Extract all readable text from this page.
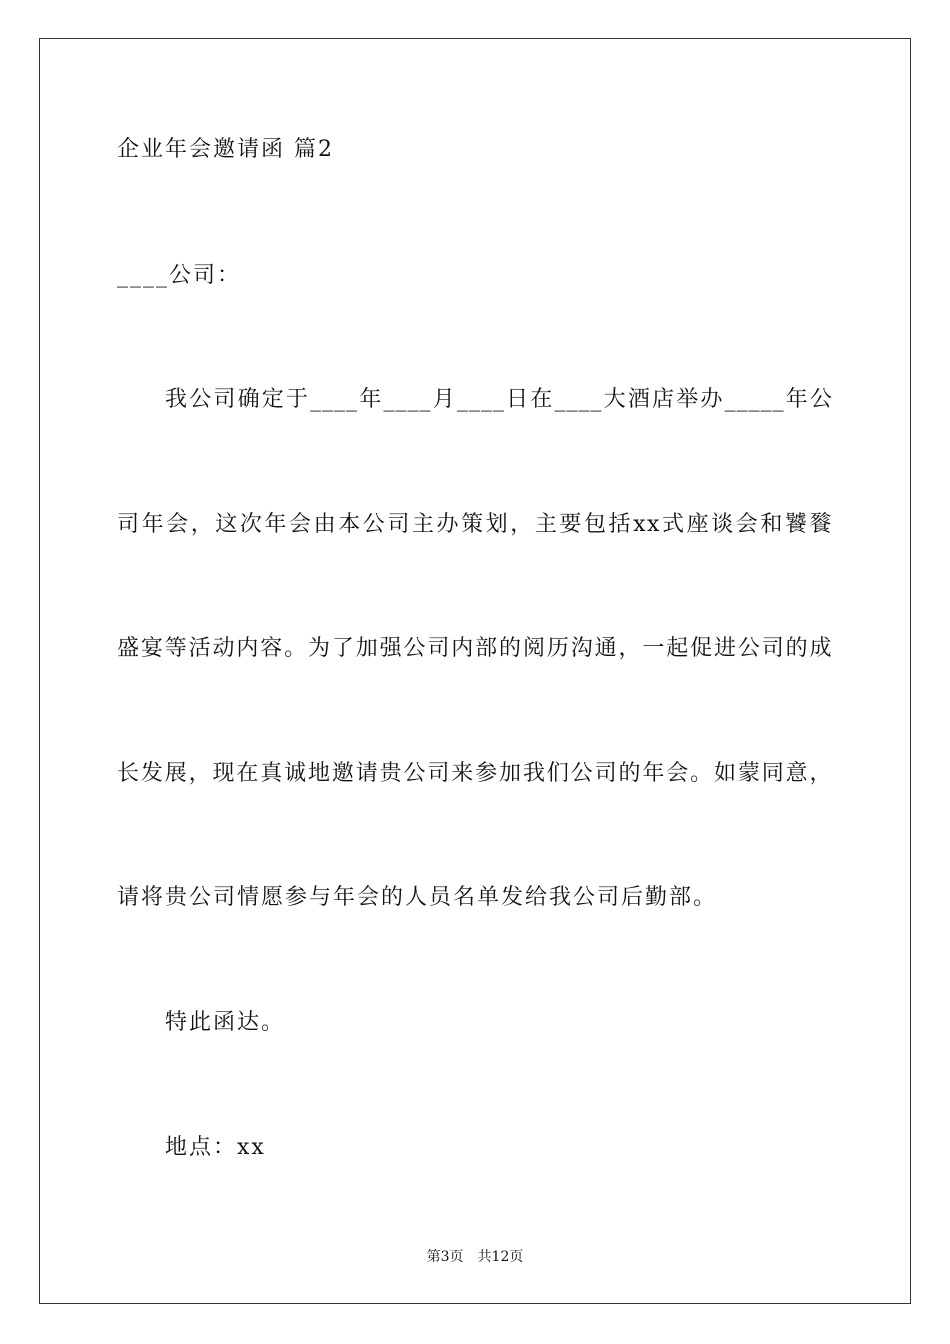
企业年会邀请函 篇2
____公司：
我公司确定于____年____月____日在____大酒店举办_____年公
司年会，这次年会由本公司主办策划，主要包括xx式座谈会和饕餮
盛宴等活动内容。为了加强公司内部的阅历沟通，一起促进公司的成
长发展，现在真诚地邀请贵公司来参加我们公司的年会。如蒙同意，
请将贵公司情愿参与年会的人员名单发给我公司后勤部。
特此函达。
地点：xx
第3页　共12页
